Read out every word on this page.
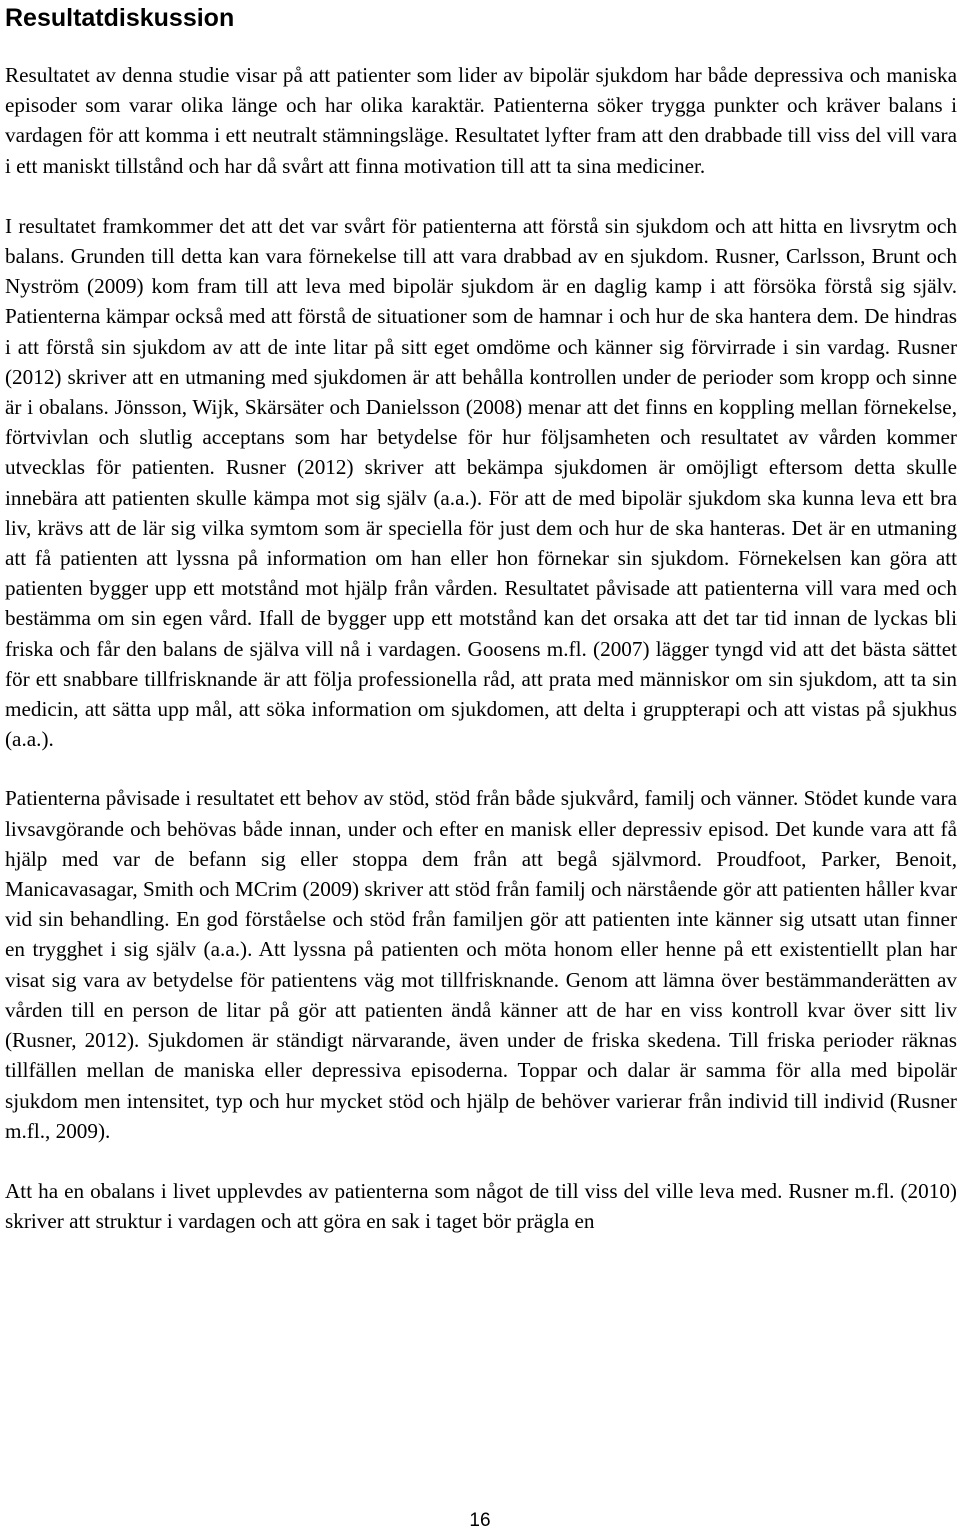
Resultatdiskussion

Resultatet av denna studie visar på att patienter som lider av bipolär sjukdom har både depressiva och maniska episoder som varar olika länge och har olika karaktär. Patienterna söker trygga punkter och kräver balans i vardagen för att komma i ett neutralt stämningsläge. Resultatet lyfter fram att den drabbade till viss del vill vara i ett maniskt tillstånd och har då svårt att finna motivation till att ta sina mediciner.

I resultatet framkommer det att det var svårt för patienterna att förstå sin sjukdom och att hitta en livsrytm och balans. Grunden till detta kan vara förnekelse till att vara drabbad av en sjukdom. Rusner, Carlsson, Brunt och Nyström (2009) kom fram till att leva med bipolär sjukdom är en daglig kamp i att försöka förstå sig själv. Patienterna kämpar också med att förstå de situationer som de hamnar i och hur de ska hantera dem. De hindras i att förstå sin sjukdom av att de inte litar på sitt eget omdöme och känner sig förvirrade i sin vardag. Rusner (2012) skriver att en utmaning med sjukdomen är att behålla kontrollen under de perioder som kropp och sinne är i obalans. Jönsson, Wijk, Skärsäter och Danielsson (2008) menar att det finns en koppling mellan förnekelse, förtvivlan och slutlig acceptans som har betydelse för hur följsamheten och resultatet av vården kommer utvecklas för patienten. Rusner (2012) skriver att bekämpa sjukdomen är omöjligt eftersom detta skulle innebära att patienten skulle kämpa mot sig själv (a.a.). För att de med bipolär sjukdom ska kunna leva ett bra liv, krävs att de lär sig vilka symtom som är speciella för just dem och hur de ska hanteras. Det är en utmaning att få patienten att lyssna på information om han eller hon förnekar sin sjukdom. Förnekelsen kan göra att patienten bygger upp ett motstånd mot hjälp från vården. Resultatet påvisade att patienterna vill vara med och bestämma om sin egen vård. Ifall de bygger upp ett motstånd kan det orsaka att det tar tid innan de lyckas bli friska och får den balans de själva vill nå i vardagen. Goosens m.fl. (2007) lägger tyngd vid att det bästa sättet för ett snabbare tillfrisknande är att följa professionella råd, att prata med människor om sin sjukdom, att ta sin medicin, att sätta upp mål, att söka information om sjukdomen, att delta i gruppterapi och att vistas på sjukhus (a.a.).

Patienterna påvisade i resultatet ett behov av stöd, stöd från både sjukvård, familj och vänner. Stödet kunde vara livsavgörande och behövas både innan, under och efter en manisk eller depressiv episod. Det kunde vara att få hjälp med var de befann sig eller stoppa dem från att begå självmord. Proudfoot, Parker, Benoit, Manicavasagar, Smith och MCrim (2009) skriver att stöd från familj och närstående gör att patienten håller kvar vid sin behandling. En god förståelse och stöd från familjen gör att patienten inte känner sig utsatt utan finner en trygghet i sig själv (a.a.). Att lyssna på patienten och möta honom eller henne på ett existentiellt plan har visat sig vara av betydelse för patientens väg mot tillfrisknande. Genom att lämna över bestämmanderätten av vården till en person de litar på gör att patienten ändå känner att de har en viss kontroll kvar över sitt liv (Rusner, 2012). Sjukdomen är ständigt närvarande, även under de friska skedena. Till friska perioder räknas tillfällen mellan de maniska eller depressiva episoderna. Toppar och dalar är samma för alla med bipolär sjukdom men intensitet, typ och hur mycket stöd och hjälp de behöver varierar från individ till individ (Rusner m.fl., 2009).

Att ha en obalans i livet upplevdes av patienterna som något de till viss del ville leva med. Rusner m.fl. (2010) skriver att struktur i vardagen och att göra en sak i taget bör prägla en

16
